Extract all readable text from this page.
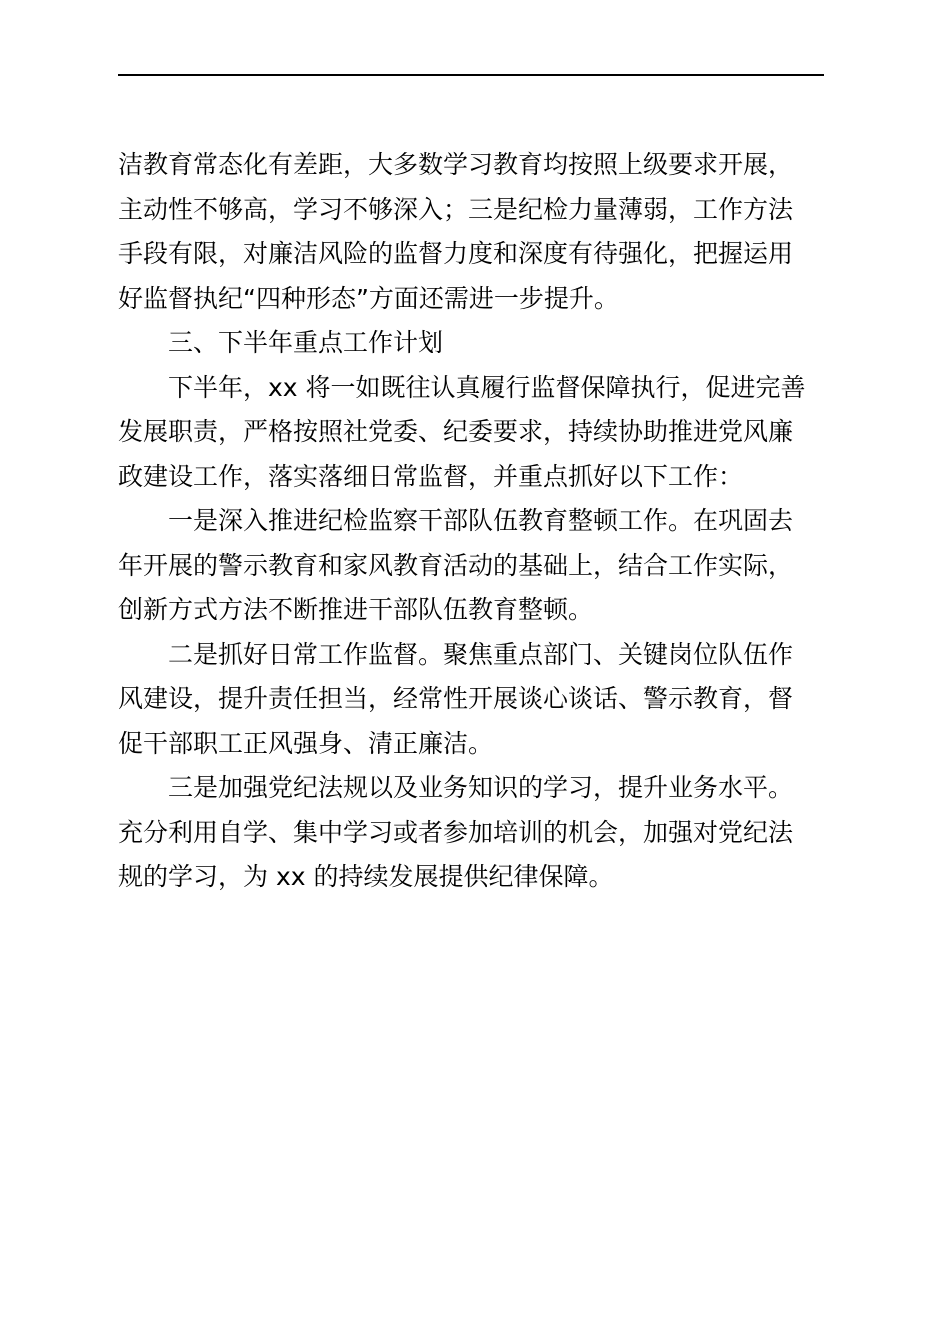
洁教育常态化有差距，大多数学习教育均按照上级要求开展，
主动性不够高，学习不够深入；三是纪检力量薄弱，工作方法
手段有限，对廉洁风险的监督力度和深度有待强化，把握运用
好监督执纪“四种形态”方面还需进一步提升。
三、下半年重点工作计划
下半年，xx 将一如既往认真履行监督保障执行，促进完善
发展职责，严格按照社党委、纪委要求，持续协助推进党风廉
政建设工作，落实落细日常监督，并重点抓好以下工作：
一是深入推进纪检监察干部队伍教育整顿工作。在巩固去
年开展的警示教育和家风教育活动的基础上，结合工作实际，
创新方式方法不断推进干部队伍教育整顿。
二是抓好日常工作监督。聚焦重点部门、关键岗位队伍作
风建设，提升责任担当，经常性开展谈心谈话、警示教育，督
促干部职工正风强身、清正廉洁。
三是加强党纪法规以及业务知识的学习，提升业务水平。
充分利用自学、集中学习或者参加培训的机会，加强对党纪法
规的学习，为 xx 的持续发展提供纪律保障。
